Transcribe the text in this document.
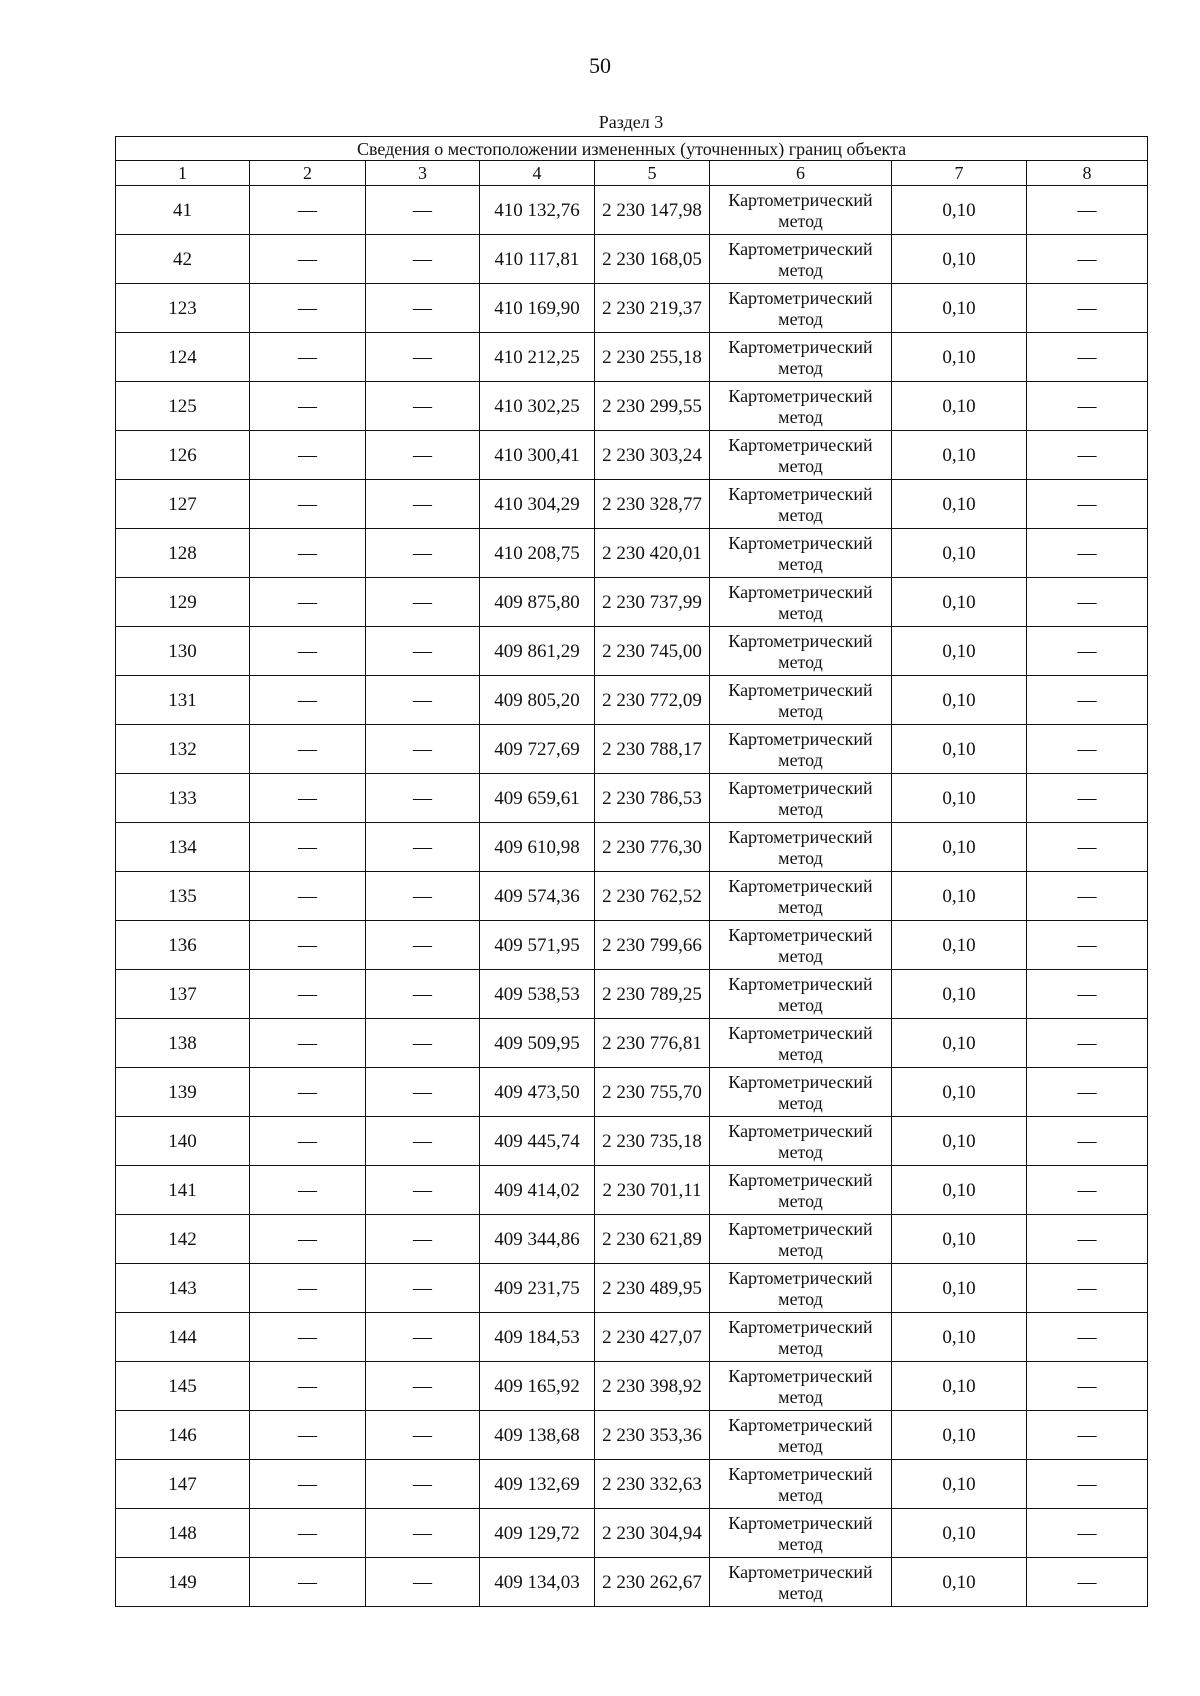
50
Раздел 3
Сведения о местоположении измененных (уточненных) границ объекта							
1	2	3	4	5	6	7	8
41	—	—	410 132,76	2 230 147,98	Картометрический метод	0,10	—
42	—	—	410 117,81	2 230 168,05	Картометрический метод	0,10	—
123	—	—	410 169,90	2 230 219,37	Картометрический метод	0,10	—
124	—	—	410 212,25	2 230 255,18	Картометрический метод	0,10	—
125	—	—	410 302,25	2 230 299,55	Картометрический метод	0,10	—
126	—	—	410 300,41	2 230 303,24	Картометрический метод	0,10	—
127	—	—	410 304,29	2 230 328,77	Картометрический метод	0,10	—
128	—	—	410 208,75	2 230 420,01	Картометрический метод	0,10	—
129	—	—	409 875,80	2 230 737,99	Картометрический метод	0,10	—
130	—	—	409 861,29	2 230 745,00	Картометрический метод	0,10	—
131	—	—	409 805,20	2 230 772,09	Картометрический метод	0,10	—
132	—	—	409 727,69	2 230 788,17	Картометрический метод	0,10	—
133	—	—	409 659,61	2 230 786,53	Картометрический метод	0,10	—
134	—	—	409 610,98	2 230 776,30	Картометрический метод	0,10	—
135	—	—	409 574,36	2 230 762,52	Картометрический метод	0,10	—
136	—	—	409 571,95	2 230 799,66	Картометрический метод	0,10	—
137	—	—	409 538,53	2 230 789,25	Картометрический метод	0,10	—
138	—	—	409 509,95	2 230 776,81	Картометрический метод	0,10	—
139	—	—	409 473,50	2 230 755,70	Картометрический метод	0,10	—
140	—	—	409 445,74	2 230 735,18	Картометрический метод	0,10	—
141	—	—	409 414,02	2 230 701,11	Картометрический метод	0,10	—
142	—	—	409 344,86	2 230 621,89	Картометрический метод	0,10	—
143	—	—	409 231,75	2 230 489,95	Картометрический метод	0,10	—
144	—	—	409 184,53	2 230 427,07	Картометрический метод	0,10	—
145	—	—	409 165,92	2 230 398,92	Картометрический метод	0,10	—
146	—	—	409 138,68	2 230 353,36	Картометрический метод	0,10	—
147	—	—	409 132,69	2 230 332,63	Картометрический метод	0,10	—
148	—	—	409 129,72	2 230 304,94	Картометрический метод	0,10	—
149	—	—	409 134,03	2 230 262,67	Картометрический метод	0,10	—
